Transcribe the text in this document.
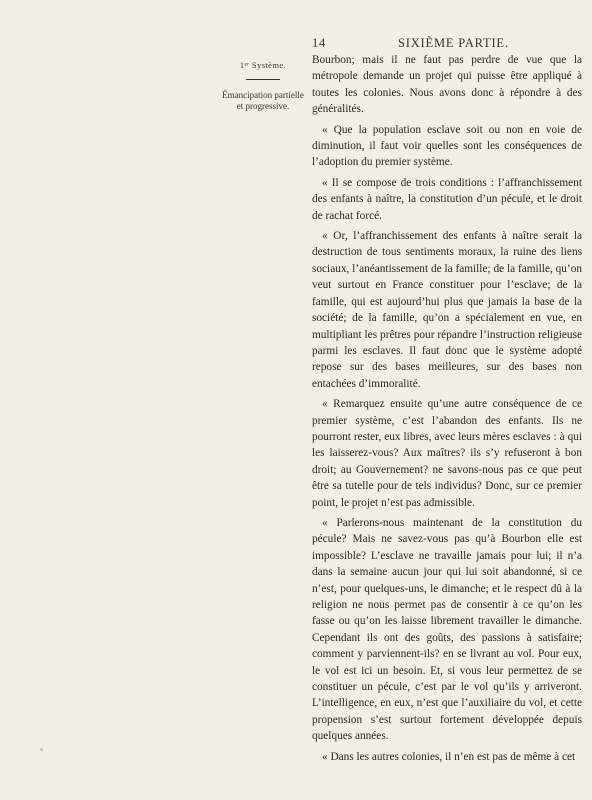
14	SIXIÈME PARTIE.
1ᵉʳ Système.
Émancipation partielle et progressive.

Bourbon; mais il ne faut pas perdre de vue que la métropole demande un projet qui puisse être appliqué à toutes les colonies. Nous avons donc à répondre à des généralités.

« Que la population esclave soit ou non en voie de diminution, il faut voir quelles sont les conséquences de l’adoption du premier système.

« Il se compose de trois conditions : l’affranchissement des enfants à naître, la constitution d’un pécule, et le droit de rachat forcé.

« Or, l’affranchissement des enfants à naître serait la destruction de tous sentiments moraux, la ruine des liens sociaux, l’anéantissement de la famille; de la famille, qu’on veut surtout en France constituer pour l’esclave; de la famille, qui est aujourd’hui plus que jamais la base de la société; de la famille, qu’on a spécialement en vue, en multipliant les prêtres pour répandre l’instruction religieuse parmi les esclaves. Il faut donc que le système adopté repose sur des bases meilleures, sur des bases non entachées d’immoralité.

« Remarquez ensuite qu’une autre conséquence de ce premier système, c’est l’abandon des enfants. Ils ne pourront rester, eux libres, avec leurs mères esclaves : à qui les laisserez-vous? Aux maîtres? ils s’y refuseront à bon droit; au Gouvernement? ne savons-nous pas ce que peut être sa tutelle pour de tels individus? Donc, sur ce premier point, le projet n’est pas admissible.

« Parlerons-nous maintenant de la constitution du pécule? Mais ne savez-vous pas qu’à Bourbon elle est impossible? L’esclave ne travaille jamais pour lui; il n’a dans la semaine aucun jour qui lui soit abandonné, si ce n’est, pour quelques-uns, le dimanche; et le respect dû à la religion ne nous permet pas de consentir à ce qu’on les fasse ou qu’on les laisse librement travailler le dimanche. Cependant ils ont des goûts, des passions à satisfaire; comment y parviennent-ils? en se livrant au vol. Pour eux, le vol est ici un besoin. Et, si vous leur permettez de se constituer un pécule, c’est par le vol qu’ils y arriveront. L’intelligence, en eux, n’est que l’auxiliaire du vol, et cette propension s’est surtout fortement développée depuis quelques années.

« Dans les autres colonies, il n’en est pas de même à cet
